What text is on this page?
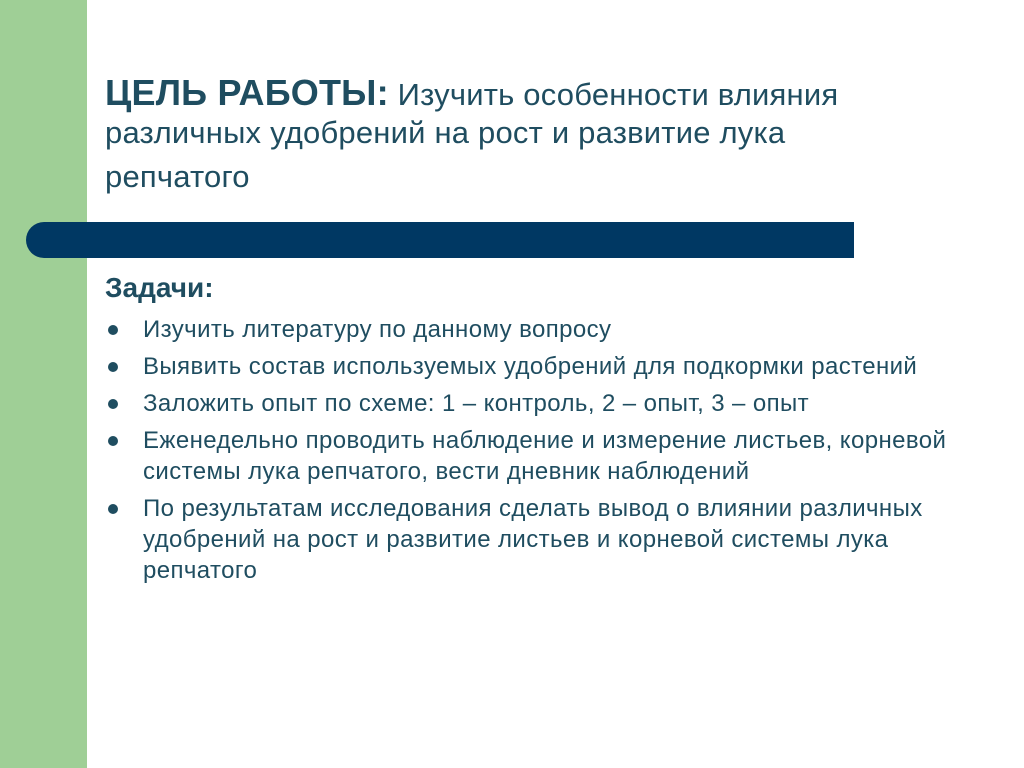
ЦЕЛЬ РАБОТЫ: Изучить особенности влияния
различных удобрений на рост и развитие лука
репчатого
Задачи:
Изучить литературу по данному вопросу
Выявить состав используемых удобрений для подкормки растений
Заложить опыт по схеме: 1 – контроль, 2 – опыт, 3 – опыт
Еженедельно проводить наблюдение и измерение листьев, корневой системы лука репчатого, вести дневник наблюдений
По результатам исследования сделать вывод о влиянии различных удобрений на рост и развитие листьев и корневой системы лука репчатого
